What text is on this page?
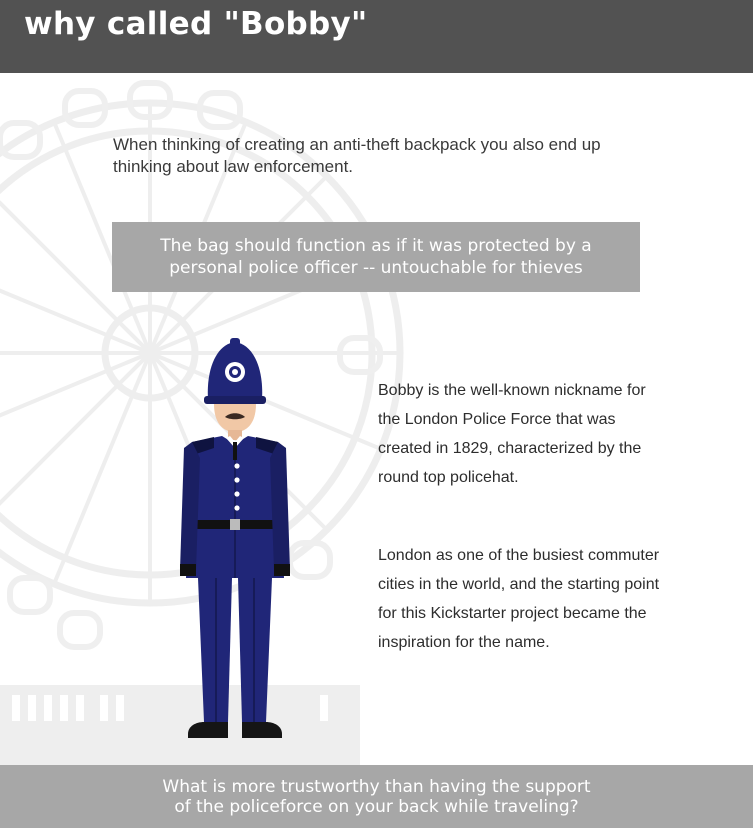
why called "Bobby"
When thinking of creating an anti-theft backpack you also end up thinking about law enforcement.
The bag should function as if it was protected by a
personal police officer -- untouchable for thieves
Bobby is the well-known nickname for the London Police Force that was created in 1829, characterized by the round top policehat.
London as one of the busiest commuter cities in the world, and the starting point for this Kickstarter project became the inspiration for the name.
What is more trustworthy than having the support
of the policeforce on your back while traveling?
